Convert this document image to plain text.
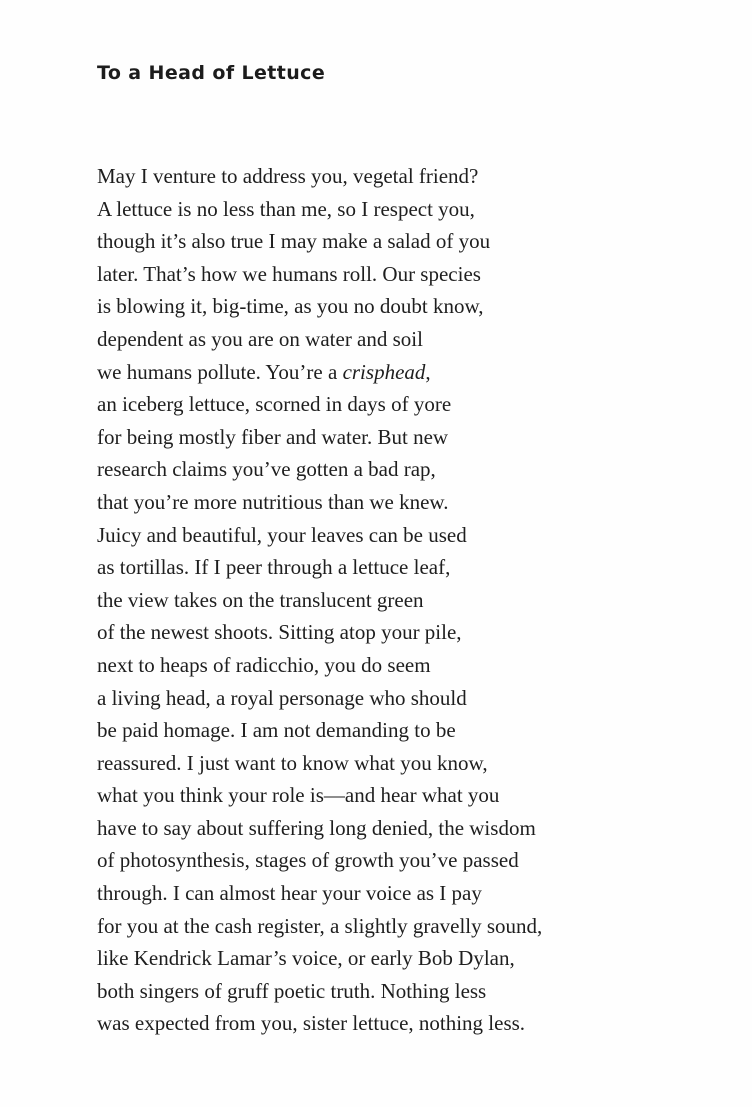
To a Head of Lettuce
May I venture to address you, vegetal friend?
A lettuce is no less than me, so I respect you,
though it’s also true I may make a salad of you
later. That’s how we humans roll. Our species
is blowing it, big-time, as you no doubt know,
dependent as you are on water and soil
we humans pollute. You’re a crisphead,
an iceberg lettuce, scorned in days of yore
for being mostly fiber and water. But new
research claims you’ve gotten a bad rap,
that you’re more nutritious than we knew.
Juicy and beautiful, your leaves can be used
as tortillas. If I peer through a lettuce leaf,
the view takes on the translucent green
of the newest shoots. Sitting atop your pile,
next to heaps of radicchio, you do seem
a living head, a royal personage who should
be paid homage. I am not demanding to be
reassured. I just want to know what you know,
what you think your role is—and hear what you
have to say about suffering long denied, the wisdom
of photosynthesis, stages of growth you’ve passed
through. I can almost hear your voice as I pay
for you at the cash register, a slightly gravelly sound,
like Kendrick Lamar’s voice, or early Bob Dylan,
both singers of gruff poetic truth. Nothing less
was expected from you, sister lettuce, nothing less.
